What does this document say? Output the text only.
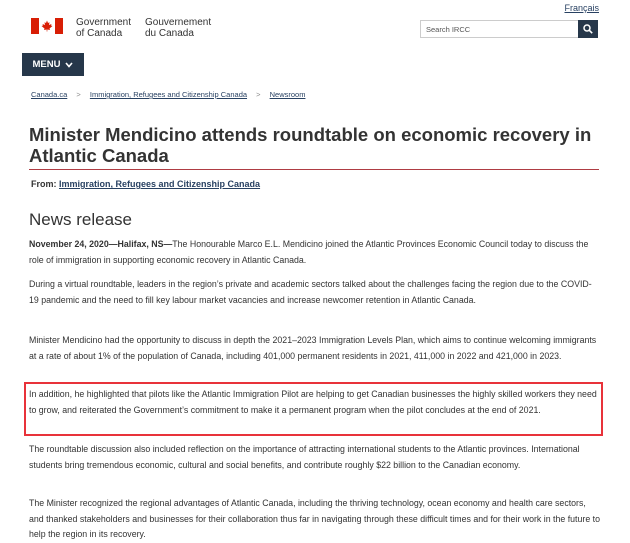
Français
Government
of Canada
Gouvernement
du Canada	Search IRCC
MENU
Canada.ca > Immigration, Refugees and Citizenship Canada > Newsroom
Minister Mendicino attends roundtable on economic recovery in Atlantic Canada
From: Immigration, Refugees and Citizenship Canada
News release

November 24, 2020—Halifax, NS—The Honourable Marco E.L. Mendicino joined the Atlantic Provinces Economic Council today to discuss the role of immigration in supporting economic recovery in Atlantic Canada.

During a virtual roundtable, leaders in the region’s private and academic sectors talked about the challenges facing the region due to the COVID-19 pandemic and the need to fill key labour market vacancies and increase newcomer retention in Atlantic Canada.

Minister Mendicino had the opportunity to discuss in depth the 2021–2023 Immigration Levels Plan, which aims to continue welcoming immigrants at a rate of about 1% of the population of Canada, including 401,000 permanent residents in 2021, 411,000 in 2022 and 421,000 in 2023.

In addition, he highlighted that pilots like the Atlantic Immigration Pilot are helping to get Canadian businesses the highly skilled workers they need to grow, and reiterated the Government’s commitment to make it a permanent program when the pilot concludes at the end of 2021.

The roundtable discussion also included reflection on the importance of attracting international students to the Atlantic provinces. International students bring tremendous economic, cultural and social benefits, and contribute roughly $22 billion to the Canadian economy.

The Minister recognized the regional advantages of Atlantic Canada, including the thriving technology, ocean economy and health care sectors, and thanked stakeholders and businesses for their collaboration thus far in navigating through these difficult times and for their work in the future to help the region in its recovery.
